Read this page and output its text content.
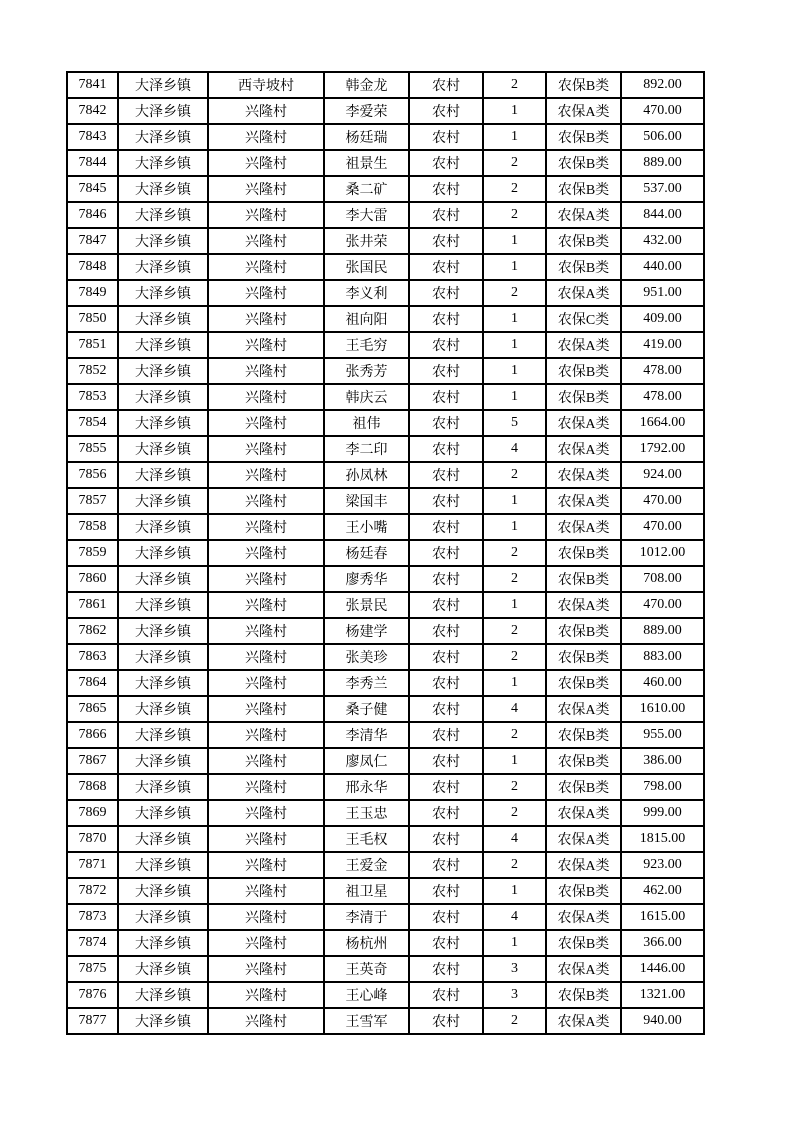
7841	大泽乡镇	西寺坡村	韩金龙	农村	2	农保B类	892.00
7842	大泽乡镇	兴隆村	李爱荣	农村	1	农保A类	470.00
7843	大泽乡镇	兴隆村	杨廷瑞	农村	1	农保B类	506.00
7844	大泽乡镇	兴隆村	祖景生	农村	2	农保B类	889.00
7845	大泽乡镇	兴隆村	桑二矿	农村	2	农保B类	537.00
7846	大泽乡镇	兴隆村	李大雷	农村	2	农保A类	844.00
7847	大泽乡镇	兴隆村	张井荣	农村	1	农保B类	432.00
7848	大泽乡镇	兴隆村	张国民	农村	1	农保B类	440.00
7849	大泽乡镇	兴隆村	李义利	农村	2	农保A类	951.00
7850	大泽乡镇	兴隆村	祖向阳	农村	1	农保C类	409.00
7851	大泽乡镇	兴隆村	王毛穷	农村	1	农保A类	419.00
7852	大泽乡镇	兴隆村	张秀芳	农村	1	农保B类	478.00
7853	大泽乡镇	兴隆村	韩庆云	农村	1	农保B类	478.00
7854	大泽乡镇	兴隆村	祖伟	农村	5	农保A类	1664.00
7855	大泽乡镇	兴隆村	李二印	农村	4	农保A类	1792.00
7856	大泽乡镇	兴隆村	孙凤林	农村	2	农保A类	924.00
7857	大泽乡镇	兴隆村	梁国丰	农村	1	农保A类	470.00
7858	大泽乡镇	兴隆村	王小嘴	农村	1	农保A类	470.00
7859	大泽乡镇	兴隆村	杨廷春	农村	2	农保B类	1012.00
7860	大泽乡镇	兴隆村	廖秀华	农村	2	农保B类	708.00
7861	大泽乡镇	兴隆村	张景民	农村	1	农保A类	470.00
7862	大泽乡镇	兴隆村	杨建学	农村	2	农保B类	889.00
7863	大泽乡镇	兴隆村	张美珍	农村	2	农保B类	883.00
7864	大泽乡镇	兴隆村	李秀兰	农村	1	农保B类	460.00
7865	大泽乡镇	兴隆村	桑子健	农村	4	农保A类	1610.00
7866	大泽乡镇	兴隆村	李清华	农村	2	农保B类	955.00
7867	大泽乡镇	兴隆村	廖凤仁	农村	1	农保B类	386.00
7868	大泽乡镇	兴隆村	邢永华	农村	2	农保B类	798.00
7869	大泽乡镇	兴隆村	王玉忠	农村	2	农保A类	999.00
7870	大泽乡镇	兴隆村	王毛权	农村	4	农保A类	1815.00
7871	大泽乡镇	兴隆村	王爱金	农村	2	农保A类	923.00
7872	大泽乡镇	兴隆村	祖卫星	农村	1	农保B类	462.00
7873	大泽乡镇	兴隆村	李清于	农村	4	农保A类	1615.00
7874	大泽乡镇	兴隆村	杨杭州	农村	1	农保B类	366.00
7875	大泽乡镇	兴隆村	王英奇	农村	3	农保A类	1446.00
7876	大泽乡镇	兴隆村	王心峰	农村	3	农保B类	1321.00
7877	大泽乡镇	兴隆村	王雪军	农村	2	农保A类	940.00
